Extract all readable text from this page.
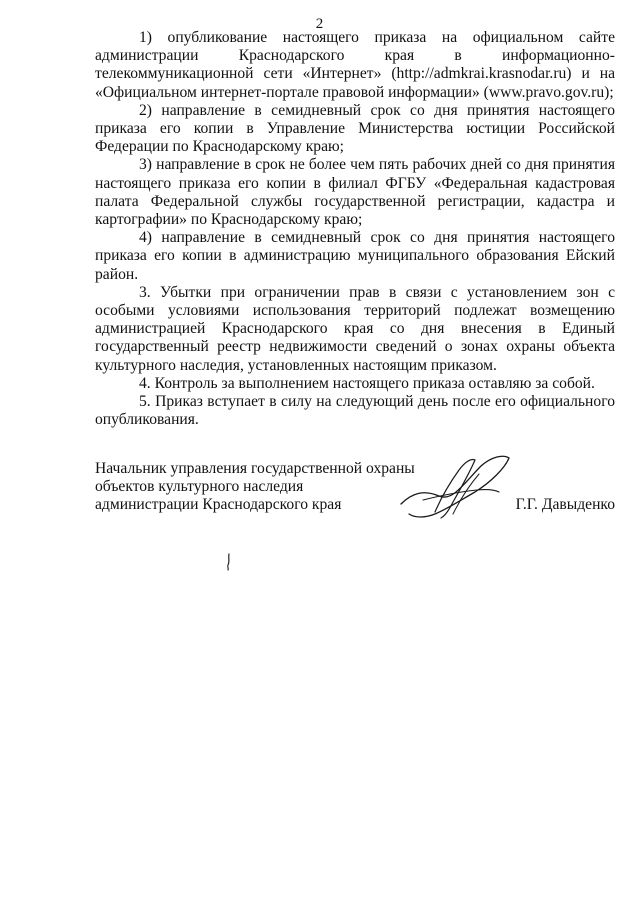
2

1) опубликование настоящего приказа на официальном сайте администрации Краснодарского края в информационно-телекоммуникационной сети «Интернет» (http://admkrai.krasnodar.ru) и на «Официальном интернет-портале правовой информации» (www.pravo.gov.ru);

2) направление в семидневный срок со дня принятия настоящего приказа его копии в Управление Министерства юстиции Российской Федерации по Краснодарскому краю;

3) направление в срок не более чем пять рабочих дней со дня принятия настоящего приказа его копии в филиал ФГБУ «Федеральная кадастровая палата Федеральной службы государственной регистрации, кадастра и картографии» по Краснодарскому краю;

4) направление в семидневный срок со дня принятия настоящего приказа его копии в администрацию муниципального образования Ейский район.

3. Убытки при ограничении прав в связи с установлением зон с особыми условиями использования территорий подлежат возмещению администрацией Краснодарского края со дня внесения в Единый государственный реестр недвижимости сведений о зонах охраны объекта культурного наследия, установленных настоящим приказом.

4. Контроль за выполнением настоящего приказа оставляю за собой.

5. Приказ вступает в силу на следующий день после его официального опубликования.

Начальник управления государственной охраны
объектов культурного наследия
администрации Краснодарского края	Г.Г. Давыденко
